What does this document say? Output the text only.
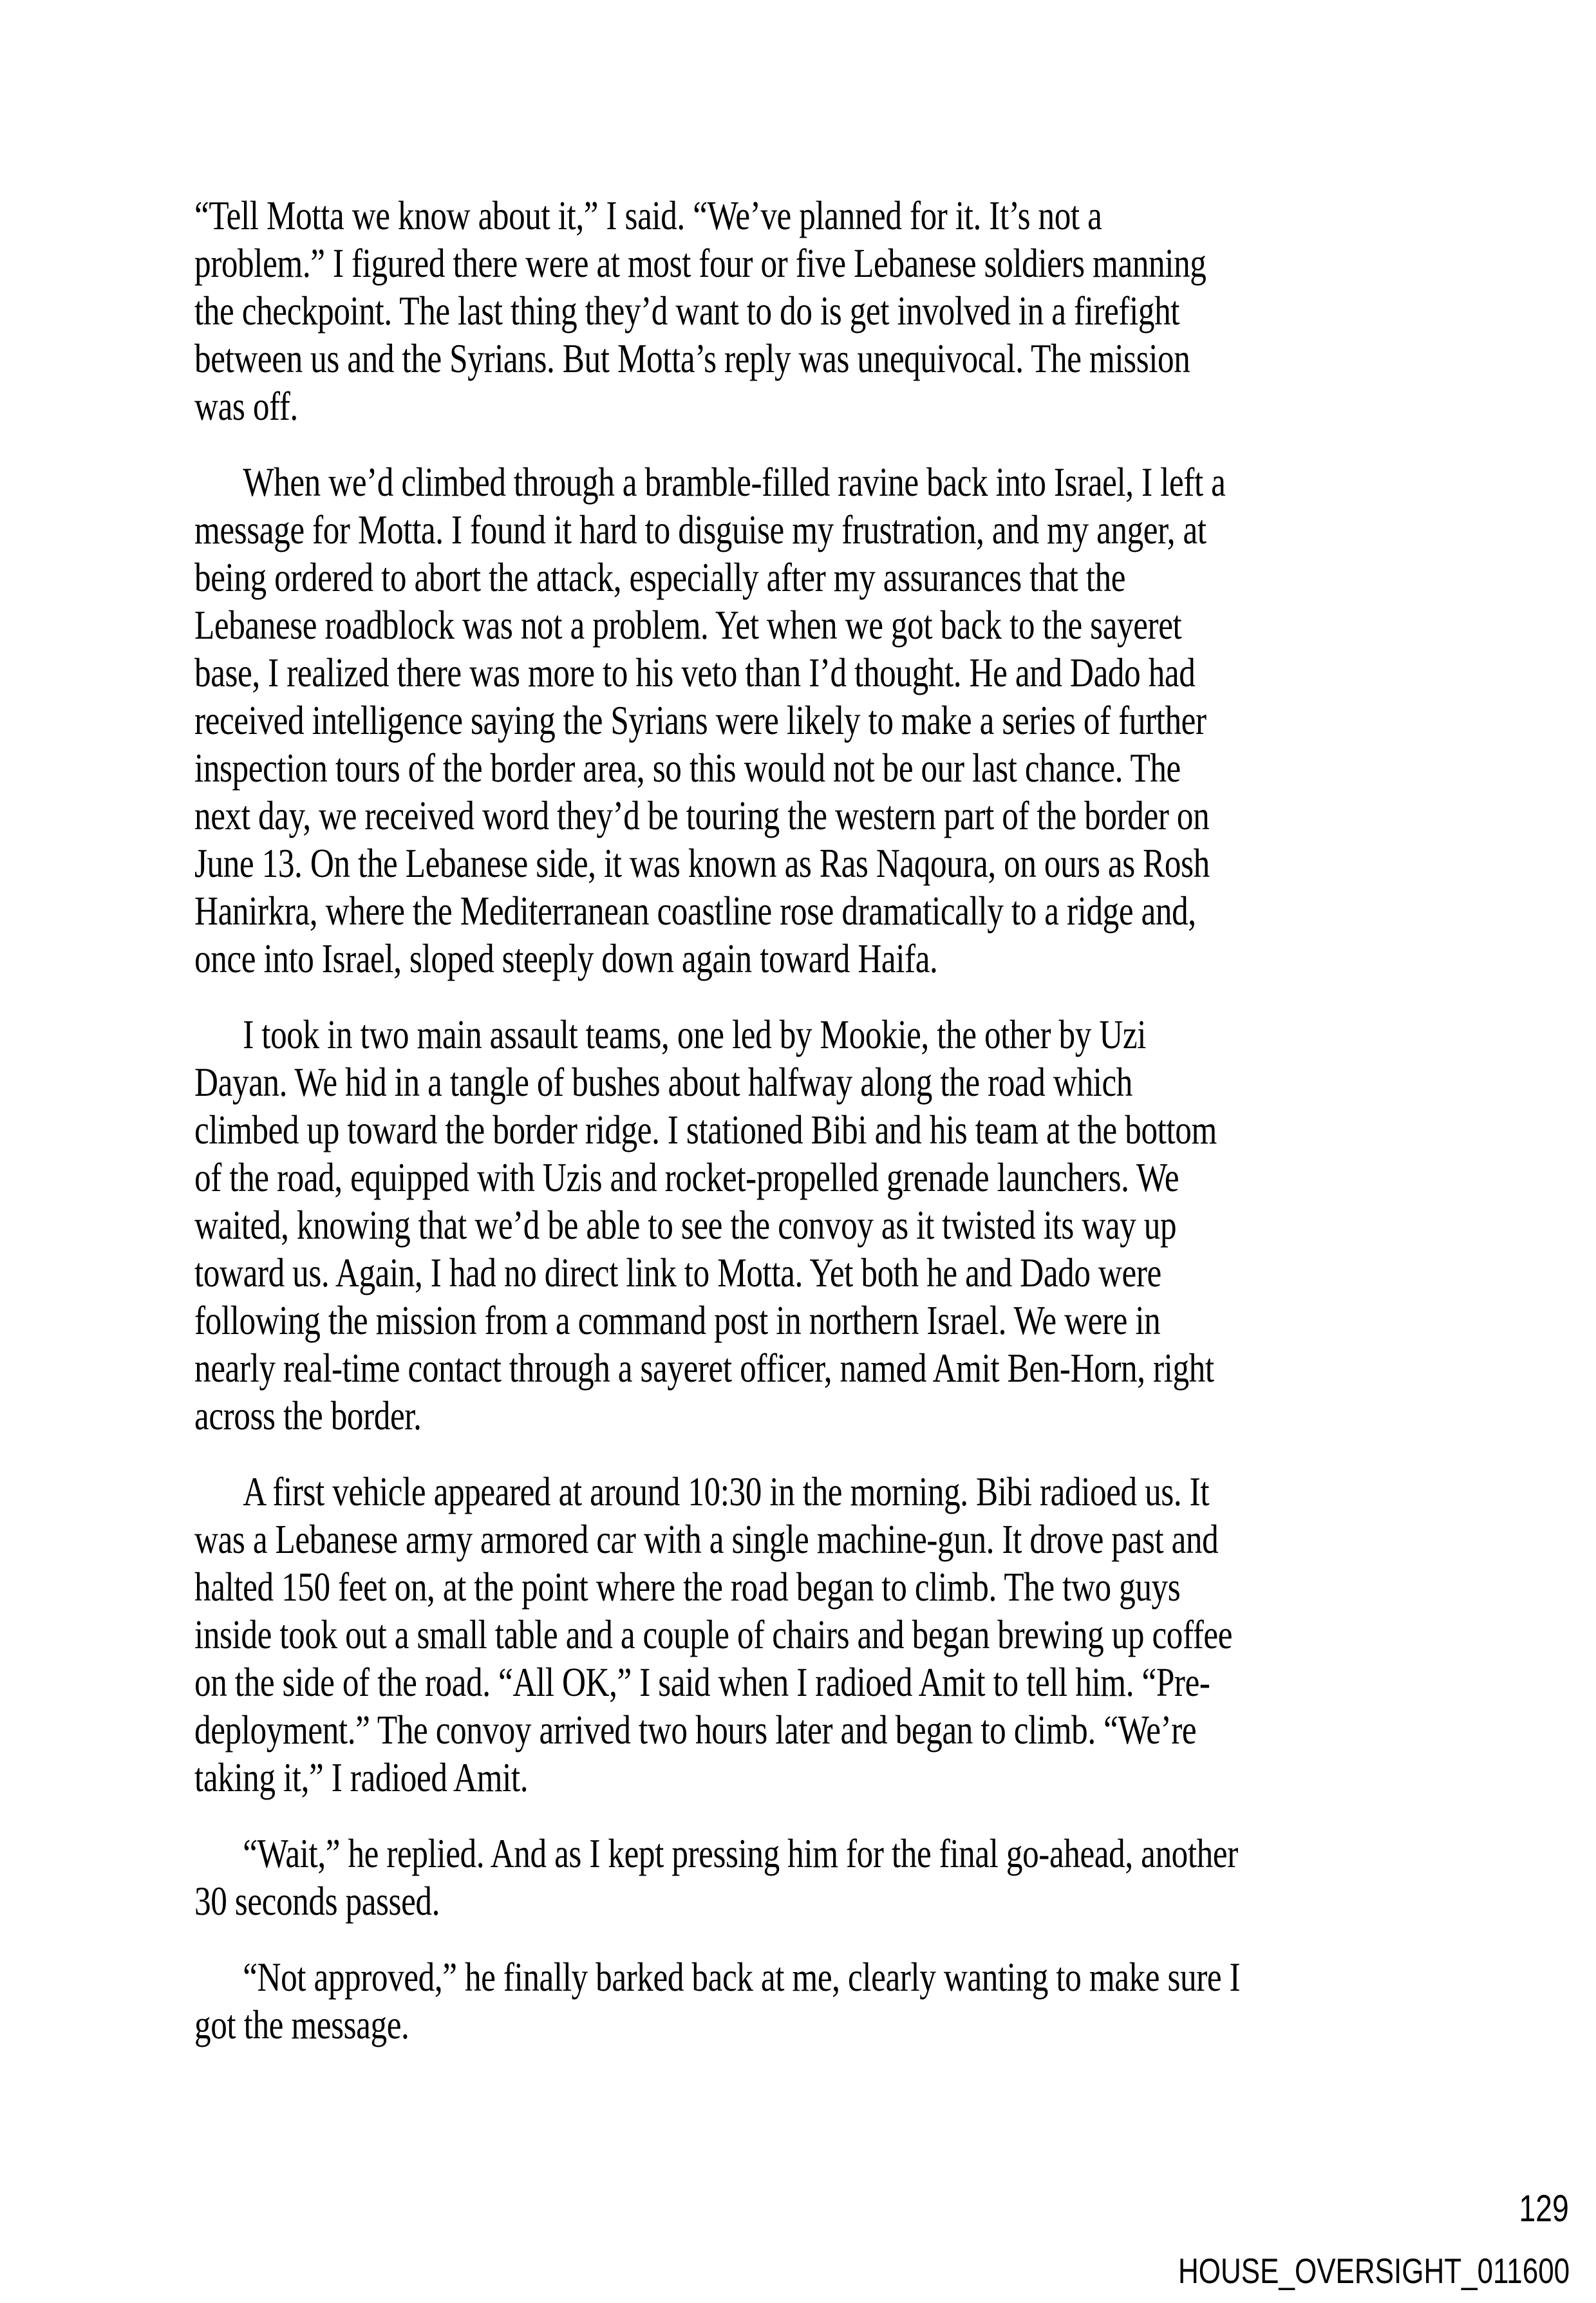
“Tell Motta we know about it,” I said. “We’ve planned for it. It’s not a
problem.” I figured there were at most four or five Lebanese soldiers manning
the checkpoint. The last thing they’d want to do is get involved in a firefight
between us and the Syrians. But Motta’s reply was unequivocal. The mission
was off.
When we’d climbed through a bramble-filled ravine back into Israel, I left a
message for Motta. I found it hard to disguise my frustration, and my anger, at
being ordered to abort the attack, especially after my assurances that the
Lebanese roadblock was not a problem. Yet when we got back to the sayeret
base, I realized there was more to his veto than I’d thought. He and Dado had
received intelligence saying the Syrians were likely to make a series of further
inspection tours of the border area, so this would not be our last chance. The
next day, we received word they’d be touring the western part of the border on
June 13. On the Lebanese side, it was known as Ras Naqoura, on ours as Rosh
Hanirkra, where the Mediterranean coastline rose dramatically to a ridge and,
once into Israel, sloped steeply down again toward Haifa.
I took in two main assault teams, one led by Mookie, the other by Uzi
Dayan. We hid in a tangle of bushes about halfway along the road which
climbed up toward the border ridge. I stationed Bibi and his team at the bottom
of the road, equipped with Uzis and rocket-propelled grenade launchers. We
waited, knowing that we’d be able to see the convoy as it twisted its way up
toward us. Again, I had no direct link to Motta. Yet both he and Dado were
following the mission from a command post in northern Israel. We were in
nearly real-time contact through a sayeret officer, named Amit Ben-Horn, right
across the border.
A first vehicle appeared at around 10:30 in the morning. Bibi radioed us. It
was a Lebanese army armored car with a single machine-gun. It drove past and
halted 150 feet on, at the point where the road began to climb. The two guys
inside took out a small table and a couple of chairs and began brewing up coffee
on the side of the road. “All OK,” I said when I radioed Amit to tell him. “Pre-
deployment.” The convoy arrived two hours later and began to climb. “We’re
taking it,” I radioed Amit.
“Wait,” he replied. And as I kept pressing him for the final go-ahead, another
30 seconds passed.
“Not approved,” he finally barked back at me, clearly wanting to make sure I
got the message.
129
HOUSE_OVERSIGHT_011600
